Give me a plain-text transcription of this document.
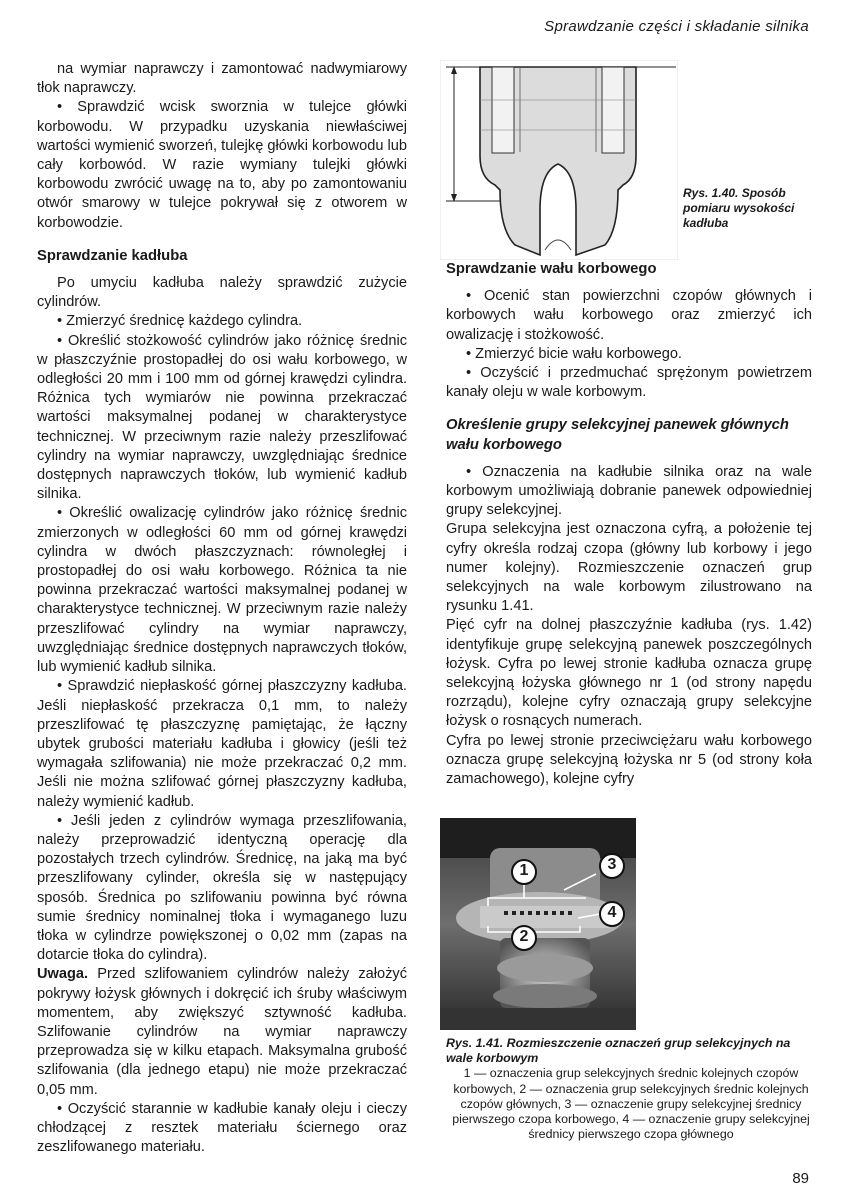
Sprawdzanie części i składanie silnika
Rys. 1.40. Sposób pomiaru wysokości kadłuba

na wymiar naprawczy i zamontować nadwymiarowy tłok naprawczy.

• Sprawdzić wcisk sworznia w tulejce główki korbowodu. W przypadku uzyskania niewłaściwej wartości wymienić sworzeń, tulejkę główki korbowodu lub cały korbowód. W razie wymiany tulejki główki korbowodu zwrócić uwagę na to, aby po zamontowaniu otwór smarowy w tulejce pokrywał się z otworem w korbowodzie.

Sprawdzanie kadłuba

Po umyciu kadłuba należy sprawdzić zużycie cylindrów.

• Zmierzyć średnicę każdego cylindra.

• Określić stożkowość cylindrów jako różnicę średnic w płaszczyźnie prostopadłej do osi wału korbowego, w odległości 20 mm i 100 mm od górnej krawędzi cylindra. Różnica tych wymiarów nie powinna przekraczać wartości maksymalnej podanej w charakterystyce technicznej. W przeciwnym razie należy przeszlifować cylindry na wymiar naprawczy, uwzględniając średnice dostępnych naprawczych tłoków, lub wymienić kadłub silnika.

• Określić owalizację cylindrów jako różnicę średnic zmierzonych w odległości 60 mm od górnej krawędzi cylindra w dwóch płaszczyznach: równoległej i prostopadłej do osi wału korbowego. Różnica ta nie powinna przekraczać wartości maksymalnej podanej w charakterystyce technicznej. W przeciwnym razie należy przeszlifować cylindry na wymiar naprawczy, uwzględniając średnice dostępnych naprawczych tłoków, lub wymienić kadłub silnika.

• Sprawdzić niepłaskość górnej płaszczyzny kadłuba. Jeśli niepłaskość przekracza 0,1 mm, to należy przeszlifować tę płaszczyznę pamiętając, że łączny ubytek grubości materiału kadłuba i głowicy (jeśli też wymagała szlifowania) nie może przekraczać 0,2 mm. Jeśli nie można szlifować górnej płaszczyzny kadłuba, należy wymienić kadłub.

• Jeśli jeden z cylindrów wymaga przeszlifowania, należy przeprowadzić identyczną operację dla pozostałych trzech cylindrów. Średnicę, na jaką ma być przeszlifowany cylinder, określa się w następujący sposób. Średnica po szlifowaniu powinna być równa sumie średnicy nominalnej tłoka i wymaganego luzu tłoka w cylindrze powiększonej o 0,02 mm (zapas na dotarcie tłoka do cylindra).

Uwaga. Przed szlifowaniem cylindrów należy założyć pokrywy łożysk głównych i dokręcić ich śruby właściwym momentem, aby zwiększyć sztywność kadłuba. Szlifowanie cylindrów na wymiar naprawczy przeprowadza się w kilku etapach. Maksymalna grubość szlifowania (dla jednego etapu) nie może przekraczać 0,05 mm.

• Oczyścić starannie w kadłubie kanały oleju i cieczy chłodzącej z resztek materiału ściernego oraz zeszlifowanego materiału.

Sprawdzanie wału korbowego

• Ocenić stan powierzchni czopów głównych i korbowych wału korbowego oraz zmierzyć ich owalizację i stożkowość.

• Zmierzyć bicie wału korbowego.

• Oczyścić i przedmuchać sprężonym powietrzem kanały oleju w wale korbowym.

Określenie grupy selekcyjnej panewek głównych wału korbowego

• Oznaczenia na kadłubie silnika oraz na wale korbowym umożliwiają dobranie panewek odpowiedniej grupy selekcyjnej.

Grupa selekcyjna jest oznaczona cyfrą, a położenie tej cyfry określa rodzaj czopa (główny lub korbowy i jego numer kolejny). Rozmieszczenie oznaczeń grup selekcyjnych na wale korbowym zilustrowano na rysunku 1.41.

Pięć cyfr na dolnej płaszczyźnie kadłuba (rys. 1.42) identyfikuje grupę selekcyjną panewek poszczególnych łożysk. Cyfra po lewej stronie kadłuba oznacza grupę selekcyjną łożyska głównego nr 1 (od strony napędu rozrządu), kolejne cyfry oznaczają grupy selekcyjne łożysk o rosnących numerach.

Cyfra po lewej stronie przeciwciężaru wału korbowego oznacza grupę selekcyjną łożyska nr 5 (od strony koła zamachowego), kolejne cyfry

1
2
3
4
Rys. 1.41. Rozmieszczenie oznaczeń grup selekcyjnych na wale korbowym
1 — oznaczenia grup selekcyjnych średnic kolejnych czopów korbowych, 2 — oznaczenia grup selekcyjnych średnic kolejnych czopów głównych, 3 — oznaczenie grupy selekcyjnej średnicy pierwszego czopa korbowego, 4 — oznaczenie grupy selekcyjnej średnicy pierwszego czopa głównego
89
